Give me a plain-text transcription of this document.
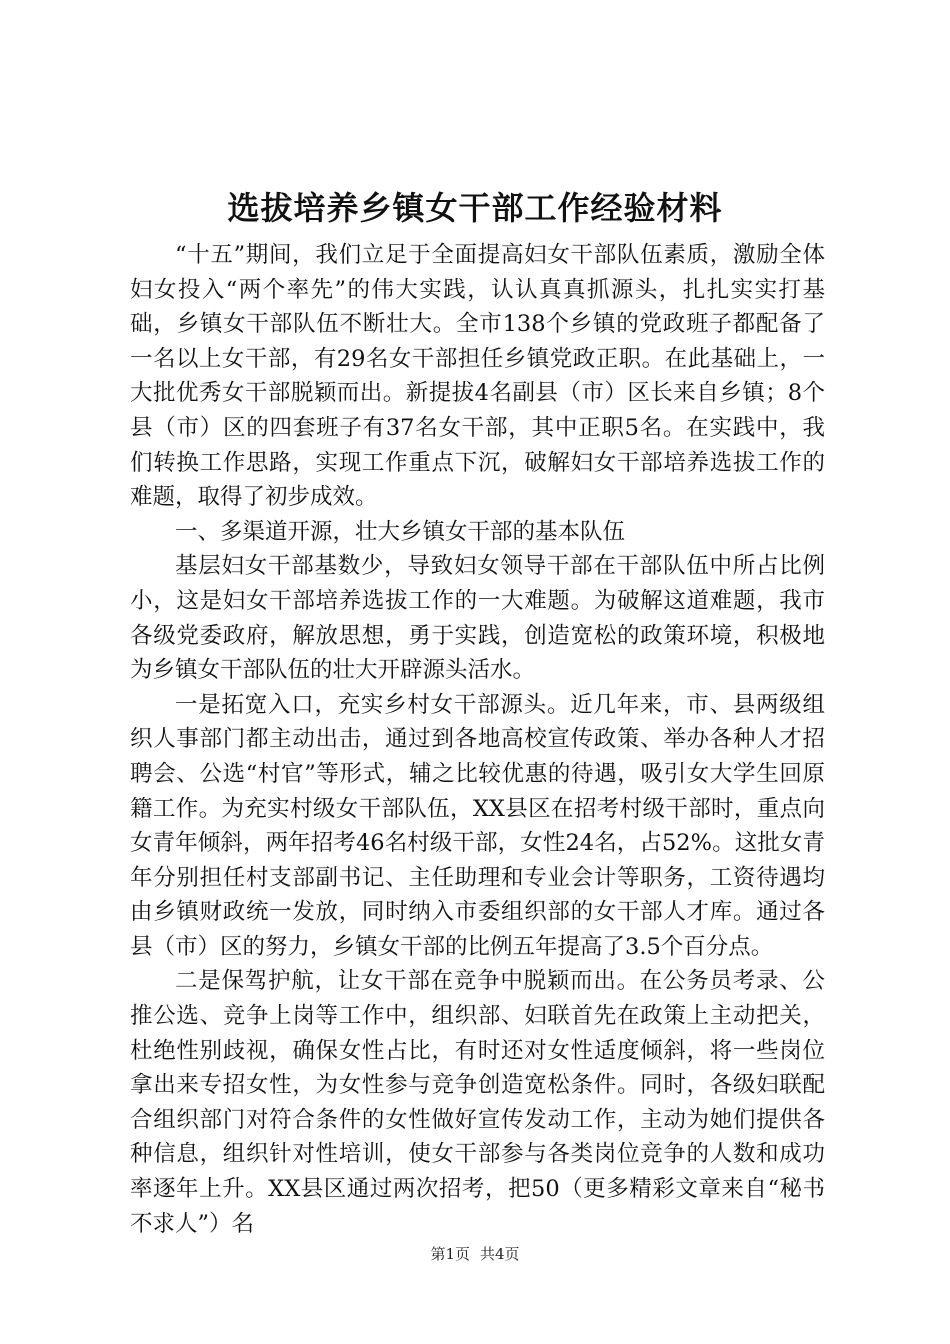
选拔培养乡镇女干部工作经验材料

“十五”期间，我们立足于全面提高妇女干部队伍素质，激励全体妇女投入“两个率先”的伟大实践，认认真真抓源头，扎扎实实打基础，乡镇女干部队伍不断壮大。全市138个乡镇的党政班子都配备了一名以上女干部，有29名女干部担任乡镇党政正职。在此基础上，一大批优秀女干部脱颖而出。新提拔4名副县（市）区长来自乡镇；8个县（市）区的四套班子有37名女干部，其中正职5名。在实践中，我们转换工作思路，实现工作重点下沉，破解妇女干部培养选拔工作的难题，取得了初步成效。

一、多渠道开源，壮大乡镇女干部的基本队伍

基层妇女干部基数少，导致妇女领导干部在干部队伍中所占比例小，这是妇女干部培养选拔工作的一大难题。为破解这道难题，我市各级党委政府，解放思想，勇于实践，创造宽松的政策环境，积极地为乡镇女干部队伍的壮大开辟源头活水。

一是拓宽入口，充实乡村女干部源头。近几年来，市、县两级组织人事部门都主动出击，通过到各地高校宣传政策、举办各种人才招聘会、公选“村官”等形式，辅之比较优惠的待遇，吸引女大学生回原籍工作。为充实村级女干部队伍，XX县区在招考村级干部时，重点向女青年倾斜，两年招考46名村级干部，女性24名，占52%。这批女青年分别担任村支部副书记、主任助理和专业会计等职务，工资待遇均由乡镇财政统一发放，同时纳入市委组织部的女干部人才库。通过各县（市）区的努力，乡镇女干部的比例五年提高了3.5个百分点。

二是保驾护航，让女干部在竞争中脱颖而出。在公务员考录、公推公选、竞争上岗等工作中，组织部、妇联首先在政策上主动把关，杜绝性别歧视，确保女性占比，有时还对女性适度倾斜，将一些岗位拿出来专招女性，为女性参与竞争创造宽松条件。同时，各级妇联配合组织部门对符合条件的女性做好宣传发动工作，主动为她们提供各种信息，组织针对性培训，使女干部参与各类岗位竞争的人数和成功率逐年上升。XX县区通过两次招考，把50（更多精彩文章来自“秘书不求人”）名

第1页 共4页
